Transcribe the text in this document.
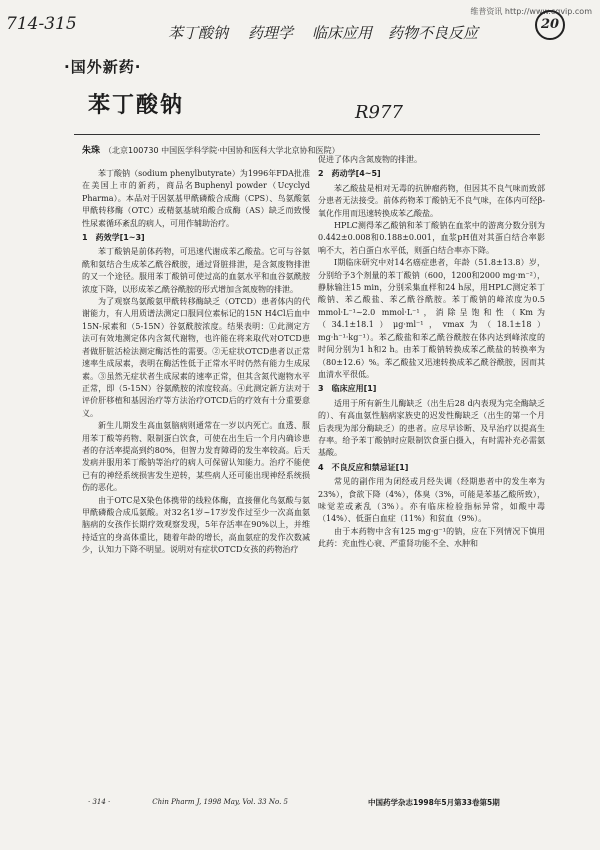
维普资讯 http://www.cqvip.com
714-315	苯丁酸钠 药理学 临床应用 药物不良反应	20
·国外新药·
苯丁酸钠	R977
朱珠 （北京100730 中国医学科学院·中国协和医科大学北京协和医院）

苯丁酸钠（sodium phenylbutyrate）为1996年FDA批准在美国上市的新药，商品名Buphenyl powder（Ucyclyd Pharma）。本品对于因氨基甲酰磷酸合成酶（CPS）、鸟氨酸氨甲酰转移酶（OTC）或精氨基琥珀酸合成酶（AS）缺乏而致慢性尿素循环紊乱的病人，可用作辅助治疗。

1　药效学[1~3]

苯丁酸钠是前体药物，可迅速代谢成苯乙酸盐。它可与谷氨酰和氨结合生成苯乙酰谷酰胺，通过肾脏排泄，是含氮废物排泄的又一个途径。服用苯丁酸钠可使过高的血氨水平和血谷氨酰胺浓度下降，以形成苯乙酰谷酰胺的形式增加含氮废物的排泄。

为了观察鸟氨酸氨甲酰转移酶缺乏（OTCD）患者体内的代谢能力，有人用质谱法测定口服同位素标记的15N H4Cl后血中15N-尿素和（5-15N）谷氨酰胺浓度。结果表明：①此测定方法可有效地测定体内含氮代谢物，也许能在将来取代对OTCD患者做肝脏活检法测定酶活性的需要。②无症状OTCD患者以正常速率生成尿素，表明在酶活性低于正常水平时仍然有能力生成尿素。③虽然无症状者生成尿素的速率正常，但其含氮代谢物水平正常，即（5-15N）谷氨酰胺的浓度较高。④此测定新方法对于评价肝移植和基因治疗等方法治疗OTCD后的疗效有十分重要意义。

新生儿期发生高血氨脑病则通常在一岁以内死亡。血透、服用苯丁酸等药物、限制蛋白饮食，可使在出生后一个月内确诊患者的存活率提高到约80%，但智力发育障碍的发生率较高。后天发病并服用苯丁酸钠等治疗的病人可保留认知能力。治疗不能使已有的神经系统损害发生逆转，某些病人还可能出现神经系统损伤的恶化。

由于OTC是X染色体携带的线粒体酶，直接催化鸟氨酸与氨甲酰磷酸合成瓜氨酸。对32名1岁~17岁发作过至少一次高血氨脑病的女孩作长期疗效观察发现，5年存活率在90%以上，并维持适宜的身高体重比，随着年龄的增长，高血氨症的发作次数减少，认知力下降不明显。说明对有症状OTCD女孩的药物治疗

促进了体内含氮废物的排泄。

2　药动学[4~5]

苯乙酸盐是相对无毒的抗肿瘤药物，但因其不良气味而致部分患者无法接受。前体药物苯丁酸钠无不良气味，在体内可经β-氧化作用而迅速转换成苯乙酸盐。

HPLC测得苯乙酸钠和苯丁酸钠在血浆中的游离分数分别为0.442±0.008和0.188±0.001，血浆pH值对其蛋白结合率影响不大，若白蛋白水平低，则蛋白结合率亦下降。

Ⅰ期临床研究中对14名癌症患者，年龄（51.8±13.8）岁，分别给予3个剂量的苯丁酸钠（600，1200和2000 mg·m⁻²），静脉输注15 min，分别采集血样和24 h尿，用HPLC测定苯丁酸钠、苯乙酸盐、苯乙酰谷酰胺。苯丁酸钠的峰浓度为0.5 mmol·L⁻¹~2.0 mmol·L⁻¹，消除呈饱和性（Km为（34.1±18.1）μg·ml⁻¹，vmax为（18.1±18）mg·h⁻¹·kg⁻¹）。苯乙酸盐和苯乙酰谷酰胺在体内达到峰浓度的时间分别为1 h和2 h。由苯丁酸钠转换成苯乙酰盐的转换率为（80±12.6）%。苯乙酸盐又迅速转换成苯乙酰谷酰胺，因而其血清水平很低。

3　临床应用[1]

适用于所有新生儿酶缺乏（出生后28 d内表现为完全酶缺乏的）、有高血氨性脑病家族史的迟发性酶缺乏（出生的第一个月后表现为部分酶缺乏）的患者。应尽早诊断、及早治疗以提高生存率。给予苯丁酸钠时应限制饮食蛋白摄入，有时需补充必需氨基酸。

4　不良反应和禁忌证[1]

常见的副作用为闭经或月经失调（经期患者中的发生率为23%），食欲下降（4%），体臭（3%，可能是苯基乙酸所致），味觉差或紊乱（3%）。亦有临床检验指标异常，如酸中毒（14%）、低蛋白血症（11%）和贫血（9%）。

由于本药物中含有125 mg·g⁻¹的钠，应在下列情况下慎用此药：充血性心衰、严重肾功能不全、水肿和

· 314 ·　　　　　　Chin Pharm J, 1998 May, Vol. 33 No. 5	中国药学杂志1998年5月第33卷第5期
